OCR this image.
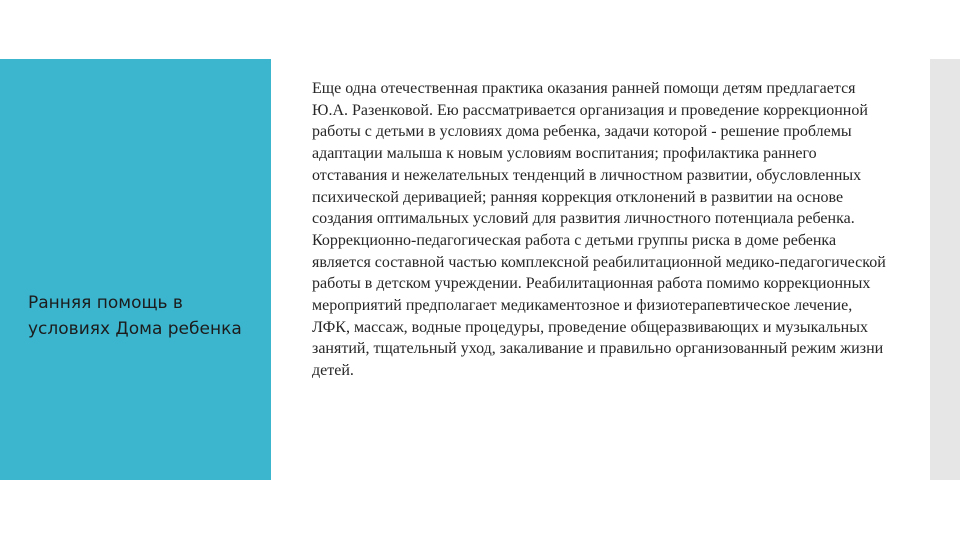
Ранняя помощь в условиях Дома ребенка

Еще одна отечественная практика оказания ранней помощи детям предлагается Ю.А. Разенковой. Ею рассматривается организация и проведение коррекционной работы с детьми в условиях дома ребенка, задачи которой - решение проблемы адаптации малыша к новым условиям воспитания; профилактика раннего отставания и нежелательных тенденций в личностном развитии, обусловленных психической деривацией; ранняя коррекция отклонений в развитии на основе создания оптимальных условий для развития личностного потенциала ребенка. Коррекционно-педагогическая работа с детьми группы риска в доме ребенка является составной частью комплексной реабилитационной медико-педагогической работы в детском учреждении. Реабилитационная работа помимо коррекционных мероприятий предполагает медикаментозное и физиотерапевтическое лечение, ЛФК, массаж, водные процедуры, проведение общеразвивающих и музыкальных занятий, тщательный уход, закаливание и правильно организованный режим жизни детей.
